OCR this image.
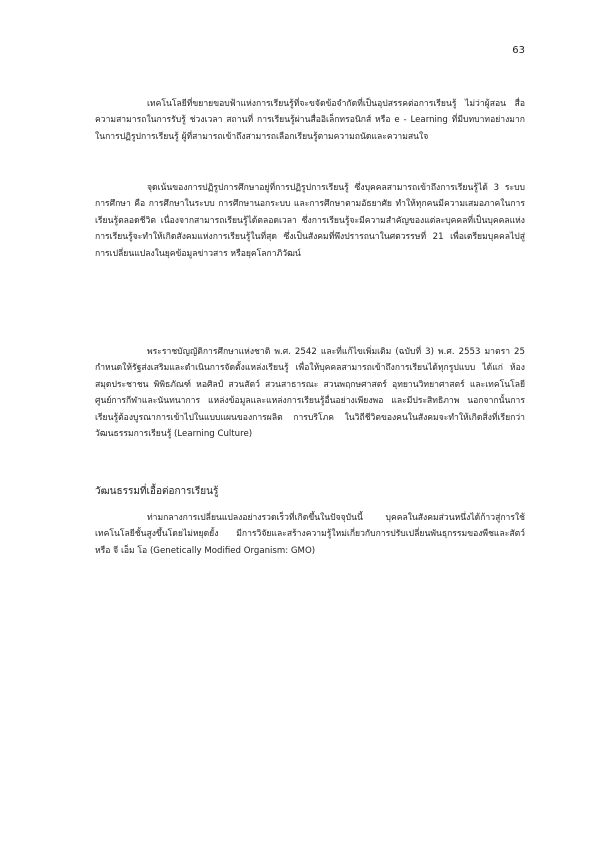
63

เทคโนโลยีที่ขยายขอบฟ้าแห่งการเรียนรู้ที่จะขจัดข้อจำกัดที่เป็นอุปสรรคต่อการเรียนรู้ ไม่ว่าผู้สอน สื่อ ความสามารถในการรับรู้ ช่วงเวลา สถานที่ การเรียนรู้ผ่านสื่ออิเล็กทรอนิกส์ หรือ e - Learning ที่มีบทบาทอย่างมากในการปฏิรูปการเรียนรู้ ผู้ที่สามารถเข้าถึงสามารถเลือกเรียนรู้ตามความถนัดและความสนใจ

จุดเน้นของการปฏิรูปการศึกษาอยู่ที่การปฏิรูปการเรียนรู้ ซึ่งบุคคลสามารถเข้าถึงการเรียนรู้ได้ 3 ระบบการศึกษา คือ การศึกษาในระบบ การศึกษานอกระบบ และการศึกษาตามอัธยาศัย ทำให้ทุกคนมีความเสมอภาคในการเรียนรู้ตลอดชีวิต เนื่องจากสามารถเรียนรู้ได้ตลอดเวลา ซึ่งการเรียนรู้จะมีความสำคัญของแต่ละบุคคลที่เป็นบุคคลแห่งการเรียนรู้จะทำให้เกิดสังคมแห่งการเรียนรู้ในที่สุด ซึ่งเป็นสังคมที่พึงปรารถนาในศตวรรษที่ 21 เพื่อเตรียมบุคคลไปสู่การเปลี่ยนแปลงในยุคข้อมูลข่าวสาร หรือยุคโลกาภิวัฒน์

พระราชบัญญัติการศึกษาแห่งชาติ พ.ศ. 2542 และที่แก้ไขเพิ่มเติม (ฉบับที่ 3) พ.ศ. 2553 มาตรา 25 กำหนดให้รัฐส่งเสริมและดำเนินการจัดตั้งแหล่งเรียนรู้ เพื่อให้บุคคลสามารถเข้าถึงการเรียนได้ทุกรูปแบบ ได้แก่ ห้องสมุดประชาชน พิพิธภัณฑ์ หอศิลป์ สวนสัตว์ สวนสาธารณะ สวนพฤกษศาสตร์ อุทยานวิทยาศาสตร์ และเทคโนโลยี ศูนย์การกีฬาและนันทนาการ แหล่งข้อมูลและแหล่งการเรียนรู้อื่นอย่างเพียงพอ และมีประสิทธิภาพ นอกจากนั้นการเรียนรู้ต้องบูรณาการเข้าไปในแบบแผนของการผลิต การบริโภค ในวิถีชีวิตของคนในสังคมจะทำให้เกิดสิ่งที่เรียกว่าวัฒนธรรมการเรียนรู้ (Learning Culture)

วัฒนธรรมที่เอื้อต่อการเรียนรู้

ท่ามกลางการเปลี่ยนแปลงอย่างรวดเร็วที่เกิดขึ้นในปัจจุบันนี้ บุคคลในสังคมส่วนหนึ่งได้ก้าวสู่การใช้เทคโนโลยีชั้นสูงขึ้นโดยไม่หยุดยั้ง มีการวิจัยและสร้างความรู้ใหม่เกี่ยวกับการปรับเปลี่ยนพันธุกรรมของพืชและสัตว์ หรือ จี เอ็ม โอ (Genetically Modified Organism: GMO)
